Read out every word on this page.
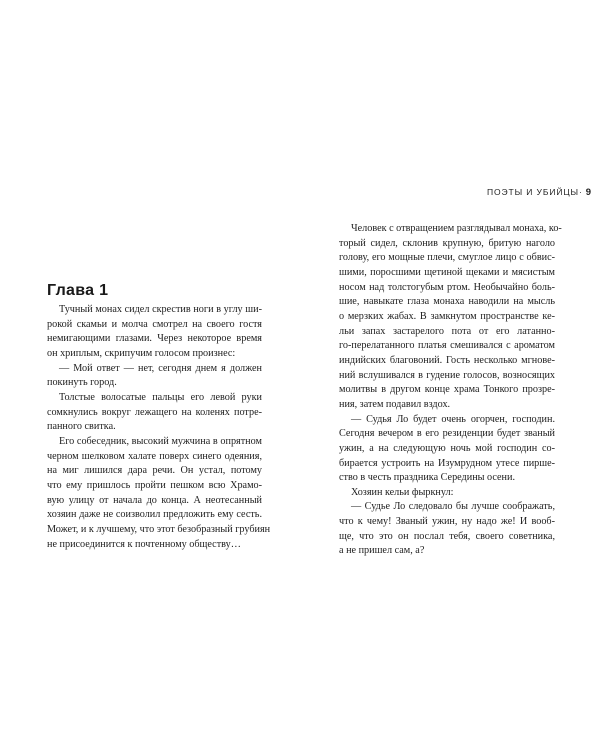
Глава 1

Тучный монах сидел скрестив ноги в углу ши-
рокой скамьи и молча смотрел на своего гостя
немигающими глазами. Через некоторое время
он хриплым, скрипучим голосом произнес:

— Мой ответ — нет, сегодня днем я должен
покинуть город.

Толстые волосатые пальцы его левой руки
сомкнулись вокруг лежащего на коленях потре-
панного свитка.

Его собеседник, высокий мужчина в опрятном
черном шелковом халате поверх синего одеяния,
на миг лишился дара речи. Он устал, потому
что ему пришлось пройти пешком всю Храмо-
вую улицу от начала до конца. А неотесанный
хозяин даже не соизволил предложить ему сесть.
Может, и к лучшему, что этот безобразный грубиян
не присоединится к почтенному обществу…

ПОЭТЫ И УБИЙЦЫ· 9

Человек с отвращением разглядывал монаха, ко-
торый сидел, склонив крупную, бритую наголо
голову, его мощные плечи, смуглое лицо с обвис-
шими, поросшими щетиной щеками и мясистым
носом над толстогубым ртом. Необычайно боль-
шие, навыкате глаза монаха наводили на мысль
о мерзких жабах. В замкнутом пространстве ке-
льи запах застарелого пота от его латанно-
го-перелатанного платья смешивался с ароматом
индийских благовоний. Гость несколько мгнове-
ний вслушивался в гудение голосов, возносящих
молитвы в другом конце храма Тонкого прозре-
ния, затем подавил вздох.

— Судья Ло будет очень огорчен, господин.
Сегодня вечером в его резиденции будет званый
ужин, а на следующую ночь мой господин со-
бирается устроить на Изумрудном утесе пирше-
ство в честь праздника Середины осени.

Хозяин кельи фыркнул:

— Судье Ло следовало бы лучше соображать,
что к чему! Званый ужин, ну надо же! И вооб-
ще, что это он послал тебя, своего советника,
а не пришел сам, а?
